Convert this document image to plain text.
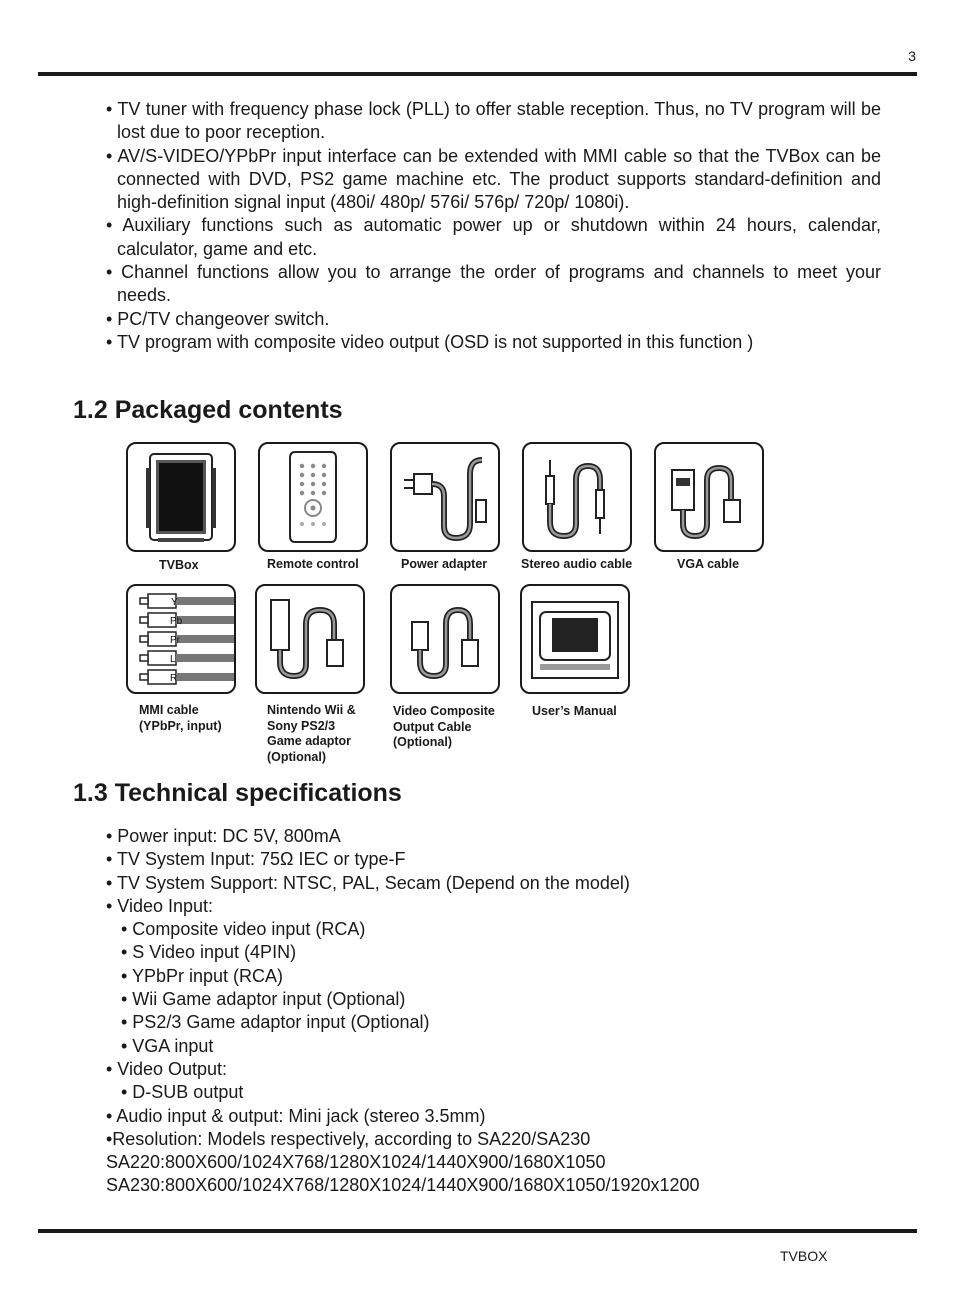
3

• TV tuner with frequency phase lock (PLL) to offer stable reception. Thus, no TV program will be lost due to poor reception.

• AV/S-VIDEO/YPbPr input interface can be extended with MMI cable so that the TVBox can be connected with DVD, PS2 game machine etc. The product supports standard-definition and high-definition signal input (480i/ 480p/ 576i/ 576p/ 720p/ 1080i).

• Auxiliary functions such as automatic power up or shutdown within 24 hours, calendar, calculator, game and etc.

• Channel functions allow you to arrange the order of programs and channels to meet your needs.

• PC/TV changeover switch.

• TV program with composite video output (OSD is not supported in this function )

1.2 Packaged contents
TVBox	Remote control	Power adapter	Stereo audio cable	VGA cable
Y
Pb
Pr
L
R
MMI cable
(YPbPr, input)
Nintendo Wii &
Sony PS2/3
Game adaptor
(Optional)
Video Composite
Output Cable
(Optional)
User’s Manual
1.3 Technical specifications

• Power input: DC 5V, 800mA

• TV System Input: 75Ω IEC or type-F

• TV System Support: NTSC, PAL, Secam (Depend on the model)

• Video Input:

• Composite video input (RCA)

• S Video input (4PIN)

• YPbPr input (RCA)

• Wii Game adaptor input (Optional)

• PS2/3 Game adaptor input (Optional)

• VGA input

• Video Output:

• D-SUB output

• Audio input & output: Mini jack (stereo 3.5mm)

•Resolution: Models respectively, according to SA220/SA230

SA220:800X600/1024X768/1280X1024/1440X900/1680X1050

SA230:800X600/1024X768/1280X1024/1440X900/1680X1050/1920x1200

TVBOX
